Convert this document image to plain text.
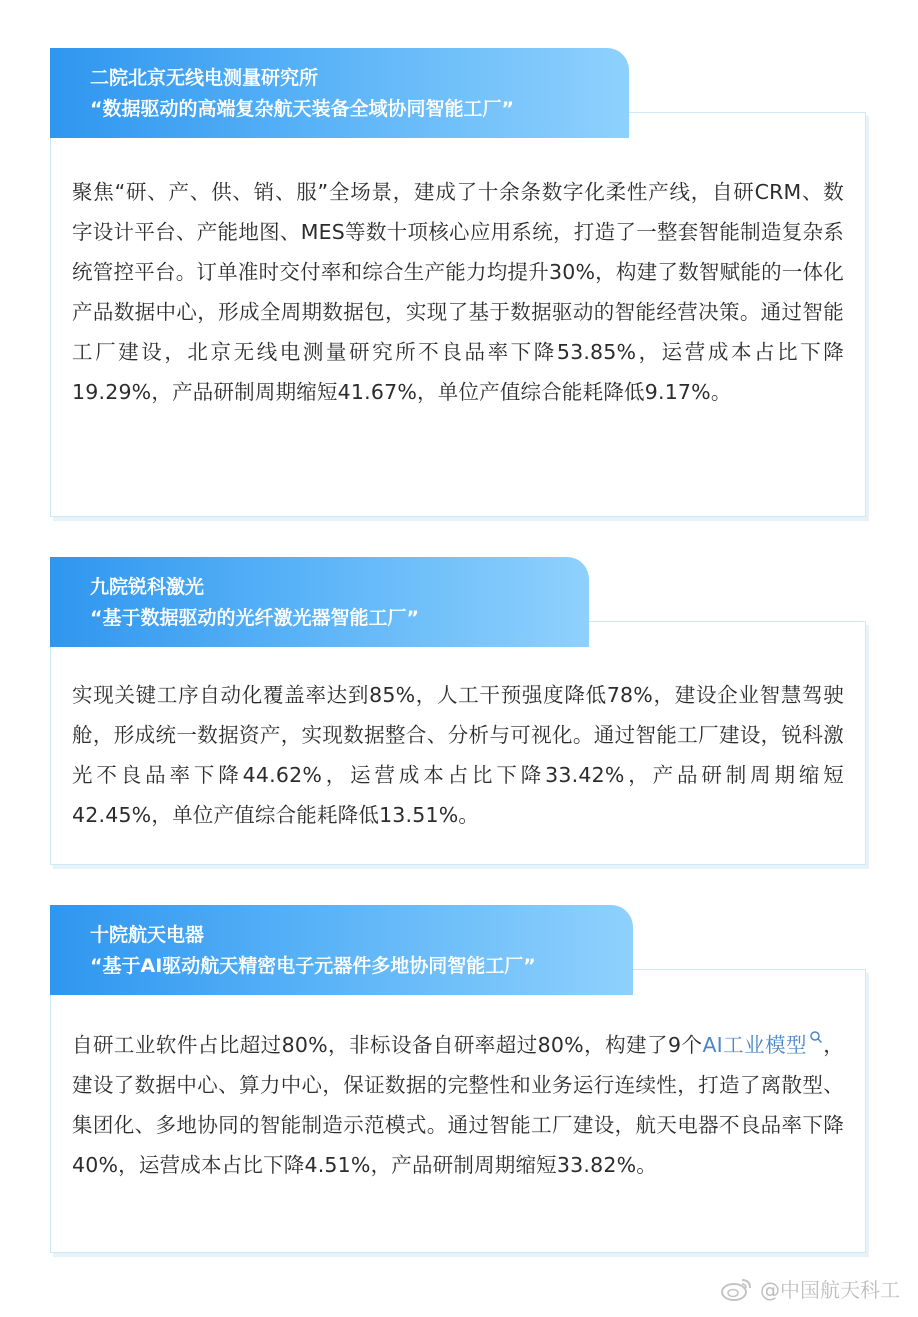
二院北京无线电测量研究所
“数据驱动的高端复杂航天装备全域协同智能工厂”
聚焦“研、产、供、销、服”全场景，建成了十余条数字化柔性产线，自研CRM、数字设计平台、产能地图、MES等数十项核心应用系统，打造了一整套智能制造复杂系统管控平台。订单准时交付率和综合生产能力均提升30%，构建了数智赋能的一体化产品数据中心，形成全周期数据包，实现了基于数据驱动的智能经营决策。通过智能工厂建设，北京无线电测量研究所不良品率下降53.85%，运营成本占比下降19.29%，产品研制周期缩短41.67%，单位产值综合能耗降低9.17%。
九院锐科激光
“基于数据驱动的光纤激光器智能工厂”
实现关键工序自动化覆盖率达到85%，人工干预强度降低78%，建设企业智慧驾驶舱，形成统一数据资产，实现数据整合、分析与可视化。通过智能工厂建设，锐科激光不良品率下降44.62%，运营成本占比下降33.42%，产品研制周期缩短42.45%，单位产值综合能耗降低13.51%。
十院航天电器
“基于AI驱动航天精密电子元器件多地协同智能工厂”
自研工业软件占比超过80%，非标设备自研率超过80%，构建了9个AI工业模型 ，建设了数据中心、算力中心，保证数据的完整性和业务运行连续性，打造了离散型、集团化、多地协同的智能制造示范模式。通过智能工厂建设，航天电器不良品率下降40%，运营成本占比下降4.51%，产品研制周期缩短33.82%。
@中国航天科工
